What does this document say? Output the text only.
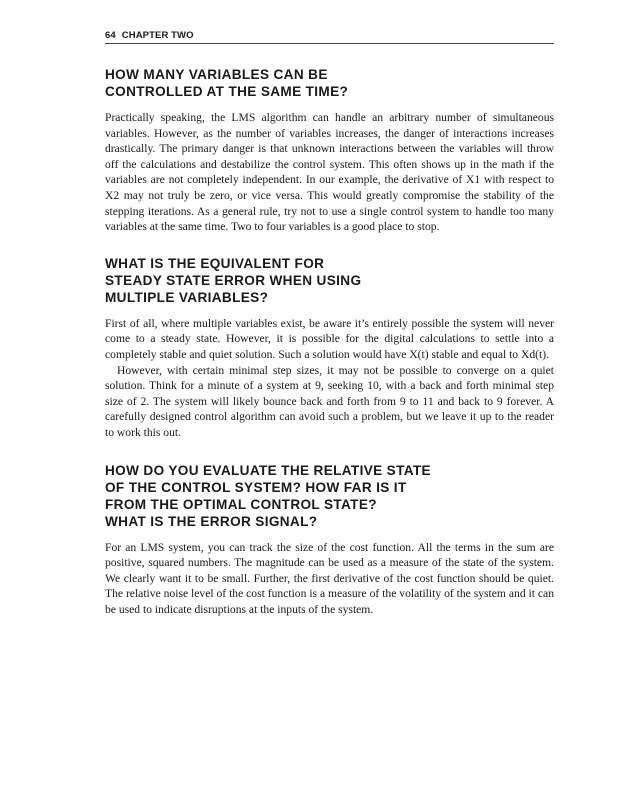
64 CHAPTER TWO
HOW MANY VARIABLES CAN BE
CONTROLLED AT THE SAME TIME?

Practically speaking, the LMS algorithm can handle an arbitrary number of simultaneous variables. However, as the number of variables increases, the danger of interactions increases drastically. The primary danger is that unknown interactions between the variables will throw off the calculations and destabilize the control system. This often shows up in the math if the variables are not completely independent. In our example, the derivative of X1 with respect to X2 may not truly be zero, or vice versa. This would greatly compromise the stability of the stepping iterations. As a general rule, try not to use a single control system to handle too many variables at the same time. Two to four variables is a good place to stop.

WHAT IS THE EQUIVALENT FOR
STEADY STATE ERROR WHEN USING
MULTIPLE VARIABLES?

First of all, where multiple variables exist, be aware it’s entirely possible the system will never come to a steady state. However, it is possible for the digital calculations to settle into a completely stable and quiet solution. Such a solution would have X(t) stable and equal to Xd(t).

However, with certain minimal step sizes, it may not be possible to converge on a quiet solution. Think for a minute of a system at 9, seeking 10, with a back and forth minimal step size of 2. The system will likely bounce back and forth from 9 to 11 and back to 9 forever. A carefully designed control algorithm can avoid such a problem, but we leave it up to the reader to work this out.

HOW DO YOU EVALUATE THE RELATIVE STATE
OF THE CONTROL SYSTEM? HOW FAR IS IT
FROM THE OPTIMAL CONTROL STATE?
WHAT IS THE ERROR SIGNAL?

For an LMS system, you can track the size of the cost function. All the terms in the sum are positive, squared numbers. The magnitude can be used as a measure of the state of the system. We clearly want it to be small. Further, the first derivative of the cost function should be quiet. The relative noise level of the cost function is a measure of the volatility of the system and it can be used to indicate disruptions at the inputs of the system.
